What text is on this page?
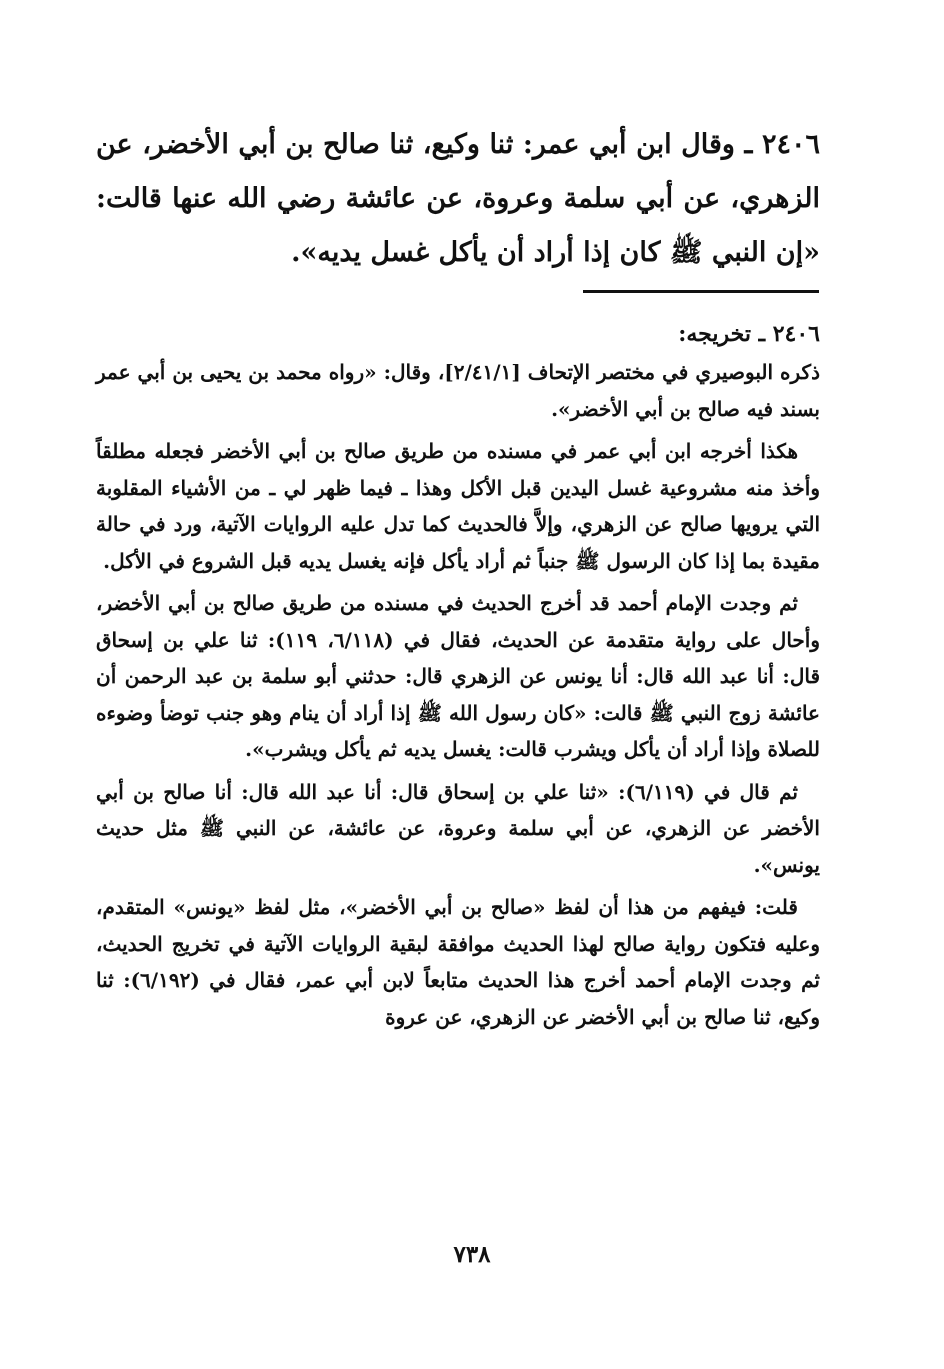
٢٤٠٦ ـ وقال ابن أبي عمر: ثنا وكيع، ثنا صالح بن أبي الأخضر، عن الزهري، عن أبي سلمة وعروة، عن عائشة رضي الله عنها قالت: «إن النبي ﷺ كان إذا أراد أن يأكل غسل يديه».

٢٤٠٦ ـ تخريجه:

ذكره البوصيري في مختصر الإتحاف [٢/٤١/١]، وقال: «رواه محمد بن يحيى بن أبي عمر بسند فيه صالح بن أبي الأخضر».

هكذا أخرجه ابن أبي عمر في مسنده من طريق صالح بن أبي الأخضر فجعله مطلقاً وأخذ منه مشروعية غسل اليدين قبل الأكل وهذا ـ فيما ظهر لي ـ من الأشياء المقلوبة التي يرويها صالح عن الزهري، وإلاَّ فالحديث كما تدل عليه الروايات الآتية، ورد في حالة مقيدة بما إذا كان الرسول ﷺ جنباً ثم أراد يأكل فإنه يغسل يديه قبل الشروع في الأكل.

ثم وجدت الإمام أحمد قد أخرج الحديث في مسنده من طريق صالح بن أبي الأخضر، وأحال على رواية متقدمة عن الحديث، فقال في (٦/١١٨، ١١٩): ثنا علي بن إسحاق قال: أنا عبد الله قال: أنا يونس عن الزهري قال: حدثني أبو سلمة بن عبد الرحمن أن عائشة زوج النبي ﷺ قالت: «كان رسول الله ﷺ إذا أراد أن ينام وهو جنب توضأ وضوءه للصلاة وإذا أراد أن يأكل ويشرب قالت: يغسل يديه ثم يأكل ويشرب».

ثم قال في (٦/١١٩): «ثنا علي بن إسحاق قال: أنا عبد الله قال: أنا صالح بن أبي الأخضر عن الزهري، عن أبي سلمة وعروة، عن عائشة، عن النبي ﷺ مثل حديث يونس».

قلت: فيفهم من هذا أن لفظ «صالح بن أبي الأخضر»، مثل لفظ «يونس» المتقدم، وعليه فتكون رواية صالح لهذا الحديث موافقة لبقية الروايات الآتية في تخريج الحديث، ثم وجدت الإمام أحمد أخرج هذا الحديث متابعاً لابن أبي عمر، فقال في (٦/١٩٢): ثنا وكيع، ثنا صالح بن أبي الأخضر عن الزهري، عن عروة

٧٣٨
